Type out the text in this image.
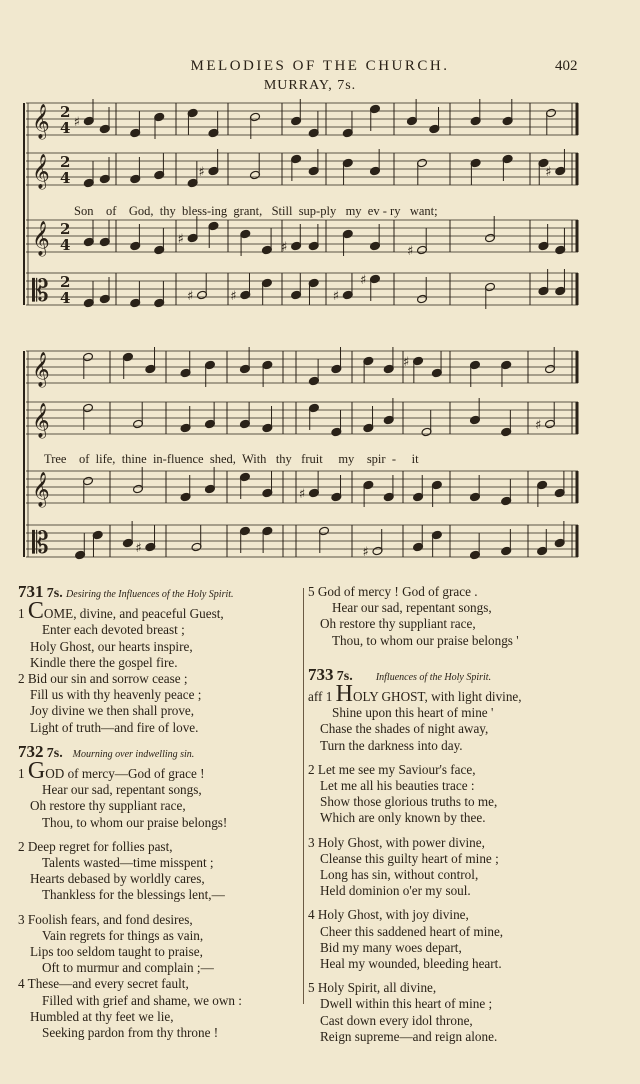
MELODIES OF THE CHURCH.	402
MURRAY, 7s.
𝄞 2
4 ♯
𝄞 2
4	♯	♯
𝄞 2
4	♯
♯	♯
𝄡 2
4	♯	♯	♯
♯
𝄞	♯
𝄞	♯
𝄞	♯
𝄡	♯	♯
Son of God, thy bless-ing grant, Still sup-ply my ev - ry want;
Tree of life, thine in-fluence shed, With thy fruit my spir - it
731 7s. Desiring the Influences of the Holy Spirit.
1 COME, divine, and peaceful Guest,
Enter each devoted breast ;
Holy Ghost, our hearts inspire,
Kindle there the gospel fire.
2 Bid our sin and sorrow cease ;
Fill us with thy heavenly peace ;
Joy divine we then shall prove,
Light of truth—and fire of love.
732 7s. Mourning over indwelling sin.
1 GOD of mercy—God of grace !
Hear our sad, repentant songs,
Oh restore thy suppliant race,
Thou, to whom our praise belongs!
2 Deep regret for follies past,
Talents wasted—time misspent ;
Hearts debased by worldly cares,
Thankless for the blessings lent,—
3 Foolish fears, and fond desires,
Vain regrets for things as vain,
Lips too seldom taught to praise,
Oft to murmur and complain ;—
4 These—and every secret fault,
Filled with grief and shame, we own :
Humbled at thy feet we lie,
Seeking pardon from thy throne !
5 God of mercy ! God of grace .
Hear our sad, repentant songs,
Oh restore thy suppliant race,
Thou, to whom our praise belongs '
733 7s. Influences of the Holy Spirit.
aff 1 HOLY GHOST, with light divine,
Shine upon this heart of mine '
Chase the shades of night away,
Turn the darkness into day.
2 Let me see my Saviour's face,
Let me all his beauties trace :
Show those glorious truths to me,
Which are only known by thee.
3 Holy Ghost, with power divine,
Cleanse this guilty heart of mine ;
Long has sin, without control,
Held dominion o'er my soul.
4 Holy Ghost, with joy divine,
Cheer this saddened heart of mine,
Bid my many woes depart,
Heal my wounded, bleeding heart.
5 Holy Spirit, all divine,
Dwell within this heart of mine ;
Cast down every idol throne,
Reign supreme—and reign alone.
